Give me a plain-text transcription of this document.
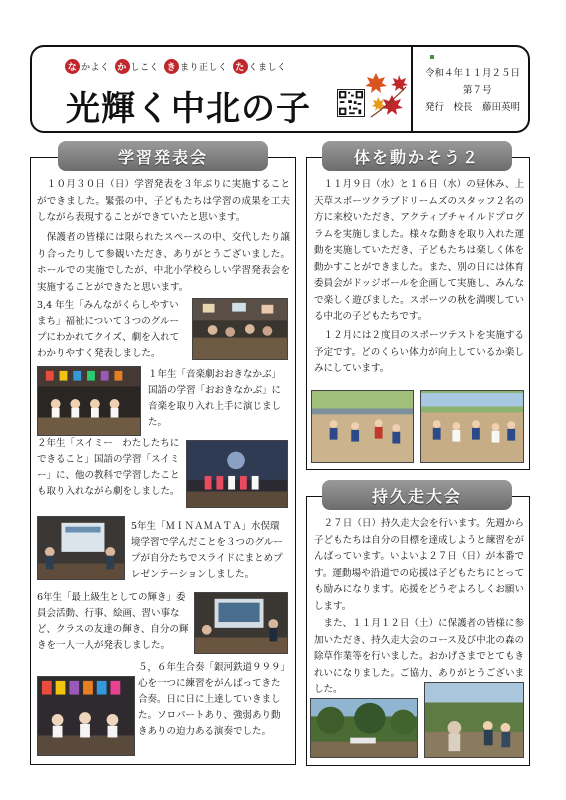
な かよく か しこく き まり正しく た くましく
光輝く中北の子
令和４年１１月２５日
第７号
発行　校長　藤田英明
学習発表会
　１０月３０日（日）学習発表を３年ぶりに実施することができました。緊張の中、子どもたちは学習の成果を工夫しながら表現することができていたと思います。
　保護者の皆様には限られたスペースの中、交代したり譲り合ったりして参観いただき、ありがとうございました。ホールでの実施でしたが、中北小学校らしい学習発表会を実施することができたと思います。
3,4 年生「みんながくらしやすいまち」福祉について３つのグループにわかれてクイズ、劇を入れてわかりやすく発表しました。
１年生「音楽劇おおきなかぶ」国語の学習「おおきなかぶ」に音楽を取り入れ上手に演じました。
２年生「スイミー　わたしたちにできること」国語の学習「スイミー」に、他の教科で学習したことも取り入れながら劇をしました。
5年生「ＭＩＮＡＭＡＴＡ」水俣環境学習で学んだことを３つのグループが自分たちでスライドにまとめプレゼンテーションしました。
6年生「最上級生としての輝き」委員会活動、行事、絵画、習い事など、クラスの友達の輝き、自分の輝きを一人一人が発表しました。
５，６年生合奏「銀河鉄道９９９」心を一つに練習をがんばってきた合奏。日に日に上達していきました。ソロパートあり、強弱あり動きありの迫力ある演奏でした。
体を動かそう２
　１１月９日（水）と１６日（水）の昼休み、上天草スポーツクラブドリームズのスタッフ２名の方に来校いただき、アクティブチャイルドプログラムを実施しました。様々な動きを取り入れた運動を実施していただき、子どもたちは楽しく体を動かすことができました。また、別の日には体育委員会がドッジボールを企画して実施し、みんなで楽しく遊びました。スポーツの秋を満喫している中北の子どもたちです。
　１２月には２度目のスポーツテストを実施する予定です。どのくらい体力が向上しているか楽しみにしています。
持久走大会
　２７日（日）持久走大会を行います。先週から子どもたちは自分の目標を達成しようと練習をがんばっています。いよいよ２７日（日）が本番です。運動場や沿道での応援は子どもたちにとっても励みになります。応援をどうぞよろしくお願いします。
　また、１１月１２日（土）に保護者の皆様に参加いただき、持久走大会のコース及び中北の森の除草作業等を行いました。おかげさまでとてもきれいになりました。ご協力、ありがとうございました。
